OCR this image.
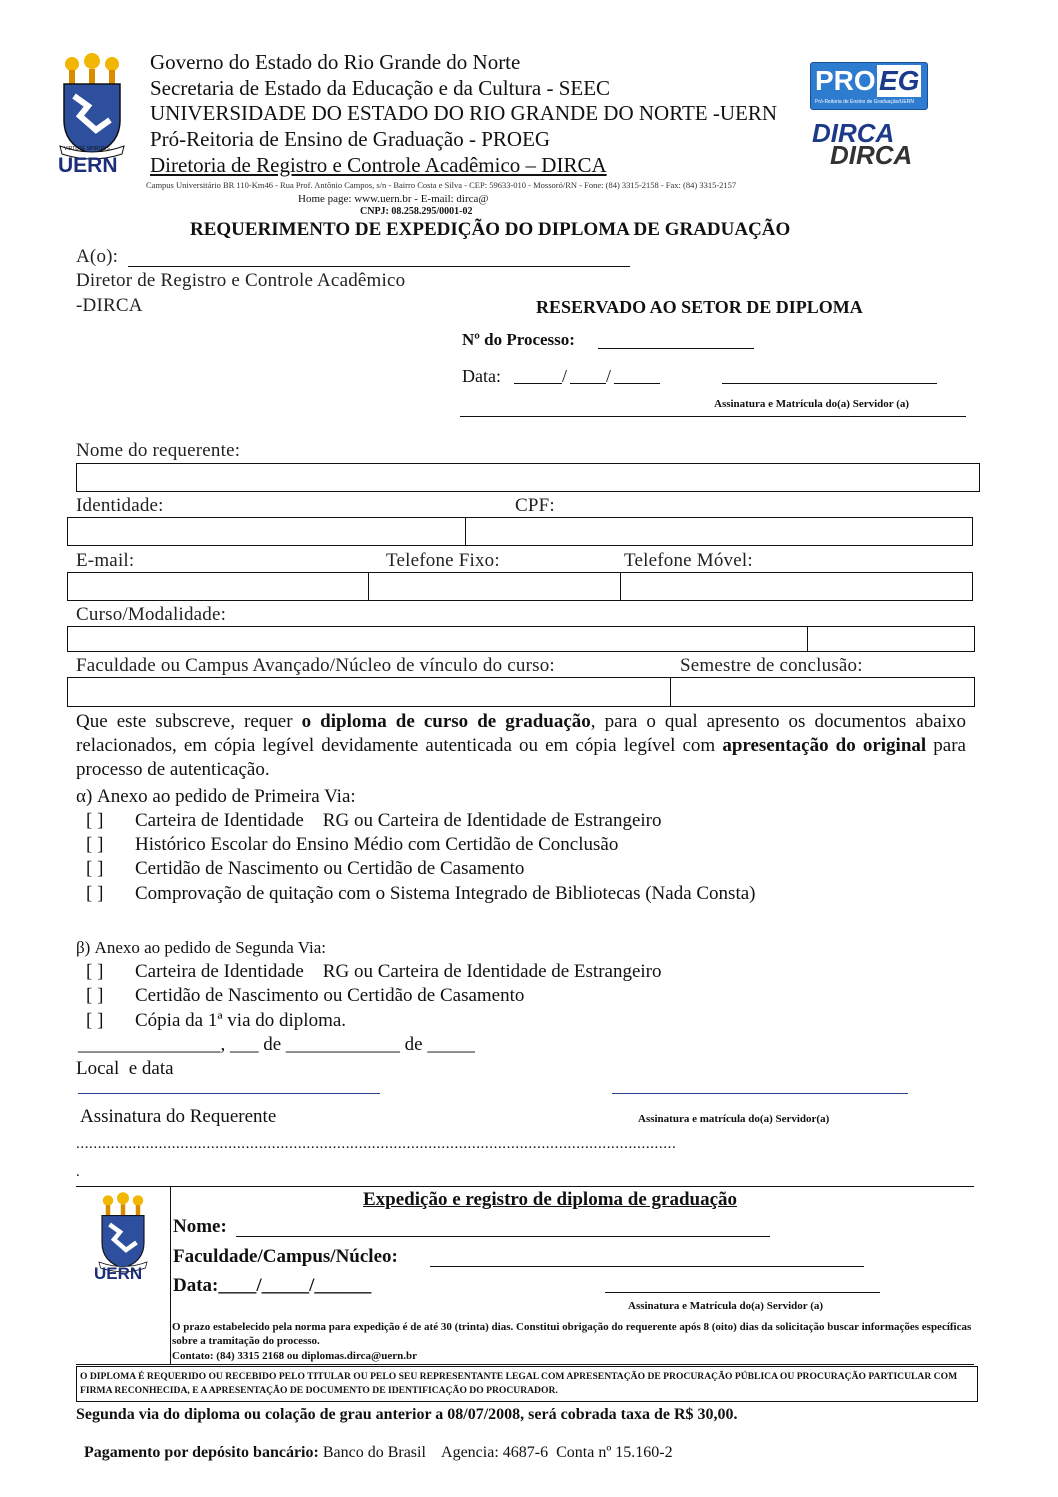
VIRTUTE SPIRITUS
UERN
Governo do Estado do Rio Grande do Norte
Secretaria de Estado da Educação e da Cultura - SEEC
UNIVERSIDADE DO ESTADO DO RIO GRANDE DO NORTE -UERN
Pró-Reitoria de Ensino de Graduação - PROEG
Diretoria de Registro e Controle Acadêmico – DIRCA
Campus Universitário BR 110-Km46 - Rua Prof. Antônio Campos, s/n - Bairro Costa e Silva - CEP: 59633-010 - Mossoró/RN - Fone: (84) 3315-2158 - Fax: (84) 3315-2157
Home page: www.uern.br - E-mail: dirca@
CNPJ: 08.258.295/0001-02
PRO EG
Pró-Reitoria de Ensino de Graduação/UERN
DIRCA
DIRCA
REQUERIMENTO DE EXPEDIÇÃO DO DIPLOMA DE GRADUAÇÃO
A(o):
Diretor de Registro e Controle Acadêmico
-DIRCA	RESERVADO AO SETOR DE DIPLOMA
Nº do Processo:
Data:	/ /
Assinatura e Matrícula do(a) Servidor (a)
Nome do requerente:
Identidade:	CPF:
E-mail:	Telefone Fixo:	Telefone Móvel:
Curso/Modalidade:
Faculdade ou Campus Avançado/Núcleo de vínculo do curso:	Semestre de conclusão:
Que este subscreve, requer o diploma de curso de graduação, para o qual apresento os documentos abaixo relacionados, em cópia legível devidamente autenticada ou em cópia legível com apresentação do original para processo de autenticação.
α) Anexo ao pedido de Primeira Via:
[ ] Carteira de Identidade    RG ou Carteira de Identidade de Estrangeiro
[ ] Histórico Escolar do Ensino Médio com Certidão de Conclusão
[ ] Certidão de Nascimento ou Certidão de Casamento
[ ] Comprovação de quitação com o Sistema Integrado de Bibliotecas (Nada Consta)
β) Anexo ao pedido de Segunda Via:
[ ] Carteira de Identidade    RG ou Carteira de Identidade de Estrangeiro
[ ] Certidão de Nascimento ou Certidão de Casamento
[ ] Cópia da 1ª via do diploma.
_______________, ___ de ____________ de _____
Local  e data
Assinatura do Requerente	Assinatura e matrícula do(a) Servidor(a)
..........................................................................................................................................
.
UERN
Expedição e registro de diploma de graduação
Nome:
Faculdade/Campus/Núcleo:
Data:____/_____/______
Assinatura e Matrícula do(a) Servidor (a)
O prazo estabelecido pela norma para expedição é de até 30 (trinta) dias. Constitui obrigação do requerente após 8 (oito) dias da solicitação buscar informações específicas sobre a tramitação do processo.
Contato: (84) 3315 2168 ou diplomas.dirca@uern.br
O DIPLOMA É REQUERIDO OU RECEBIDO PELO TITULAR OU PELO SEU REPRESENTANTE LEGAL COM APRESENTAÇÃO DE PROCURAÇÃO PÚBLICA OU PROCURAÇÃO PARTICULAR COM FIRMA RECONHECIDA, E A APRESENTAÇÃO DE DOCUMENTO DE IDENTIFICAÇÃO DO PROCURADOR.
Segunda via do diploma ou colação de grau anterior a 08/07/2008, será cobrada taxa de R$ 30,00.

Pagamento por depósito bancário: Banco do Brasil    Agencia: 4687-6  Conta nº 15.160-2
